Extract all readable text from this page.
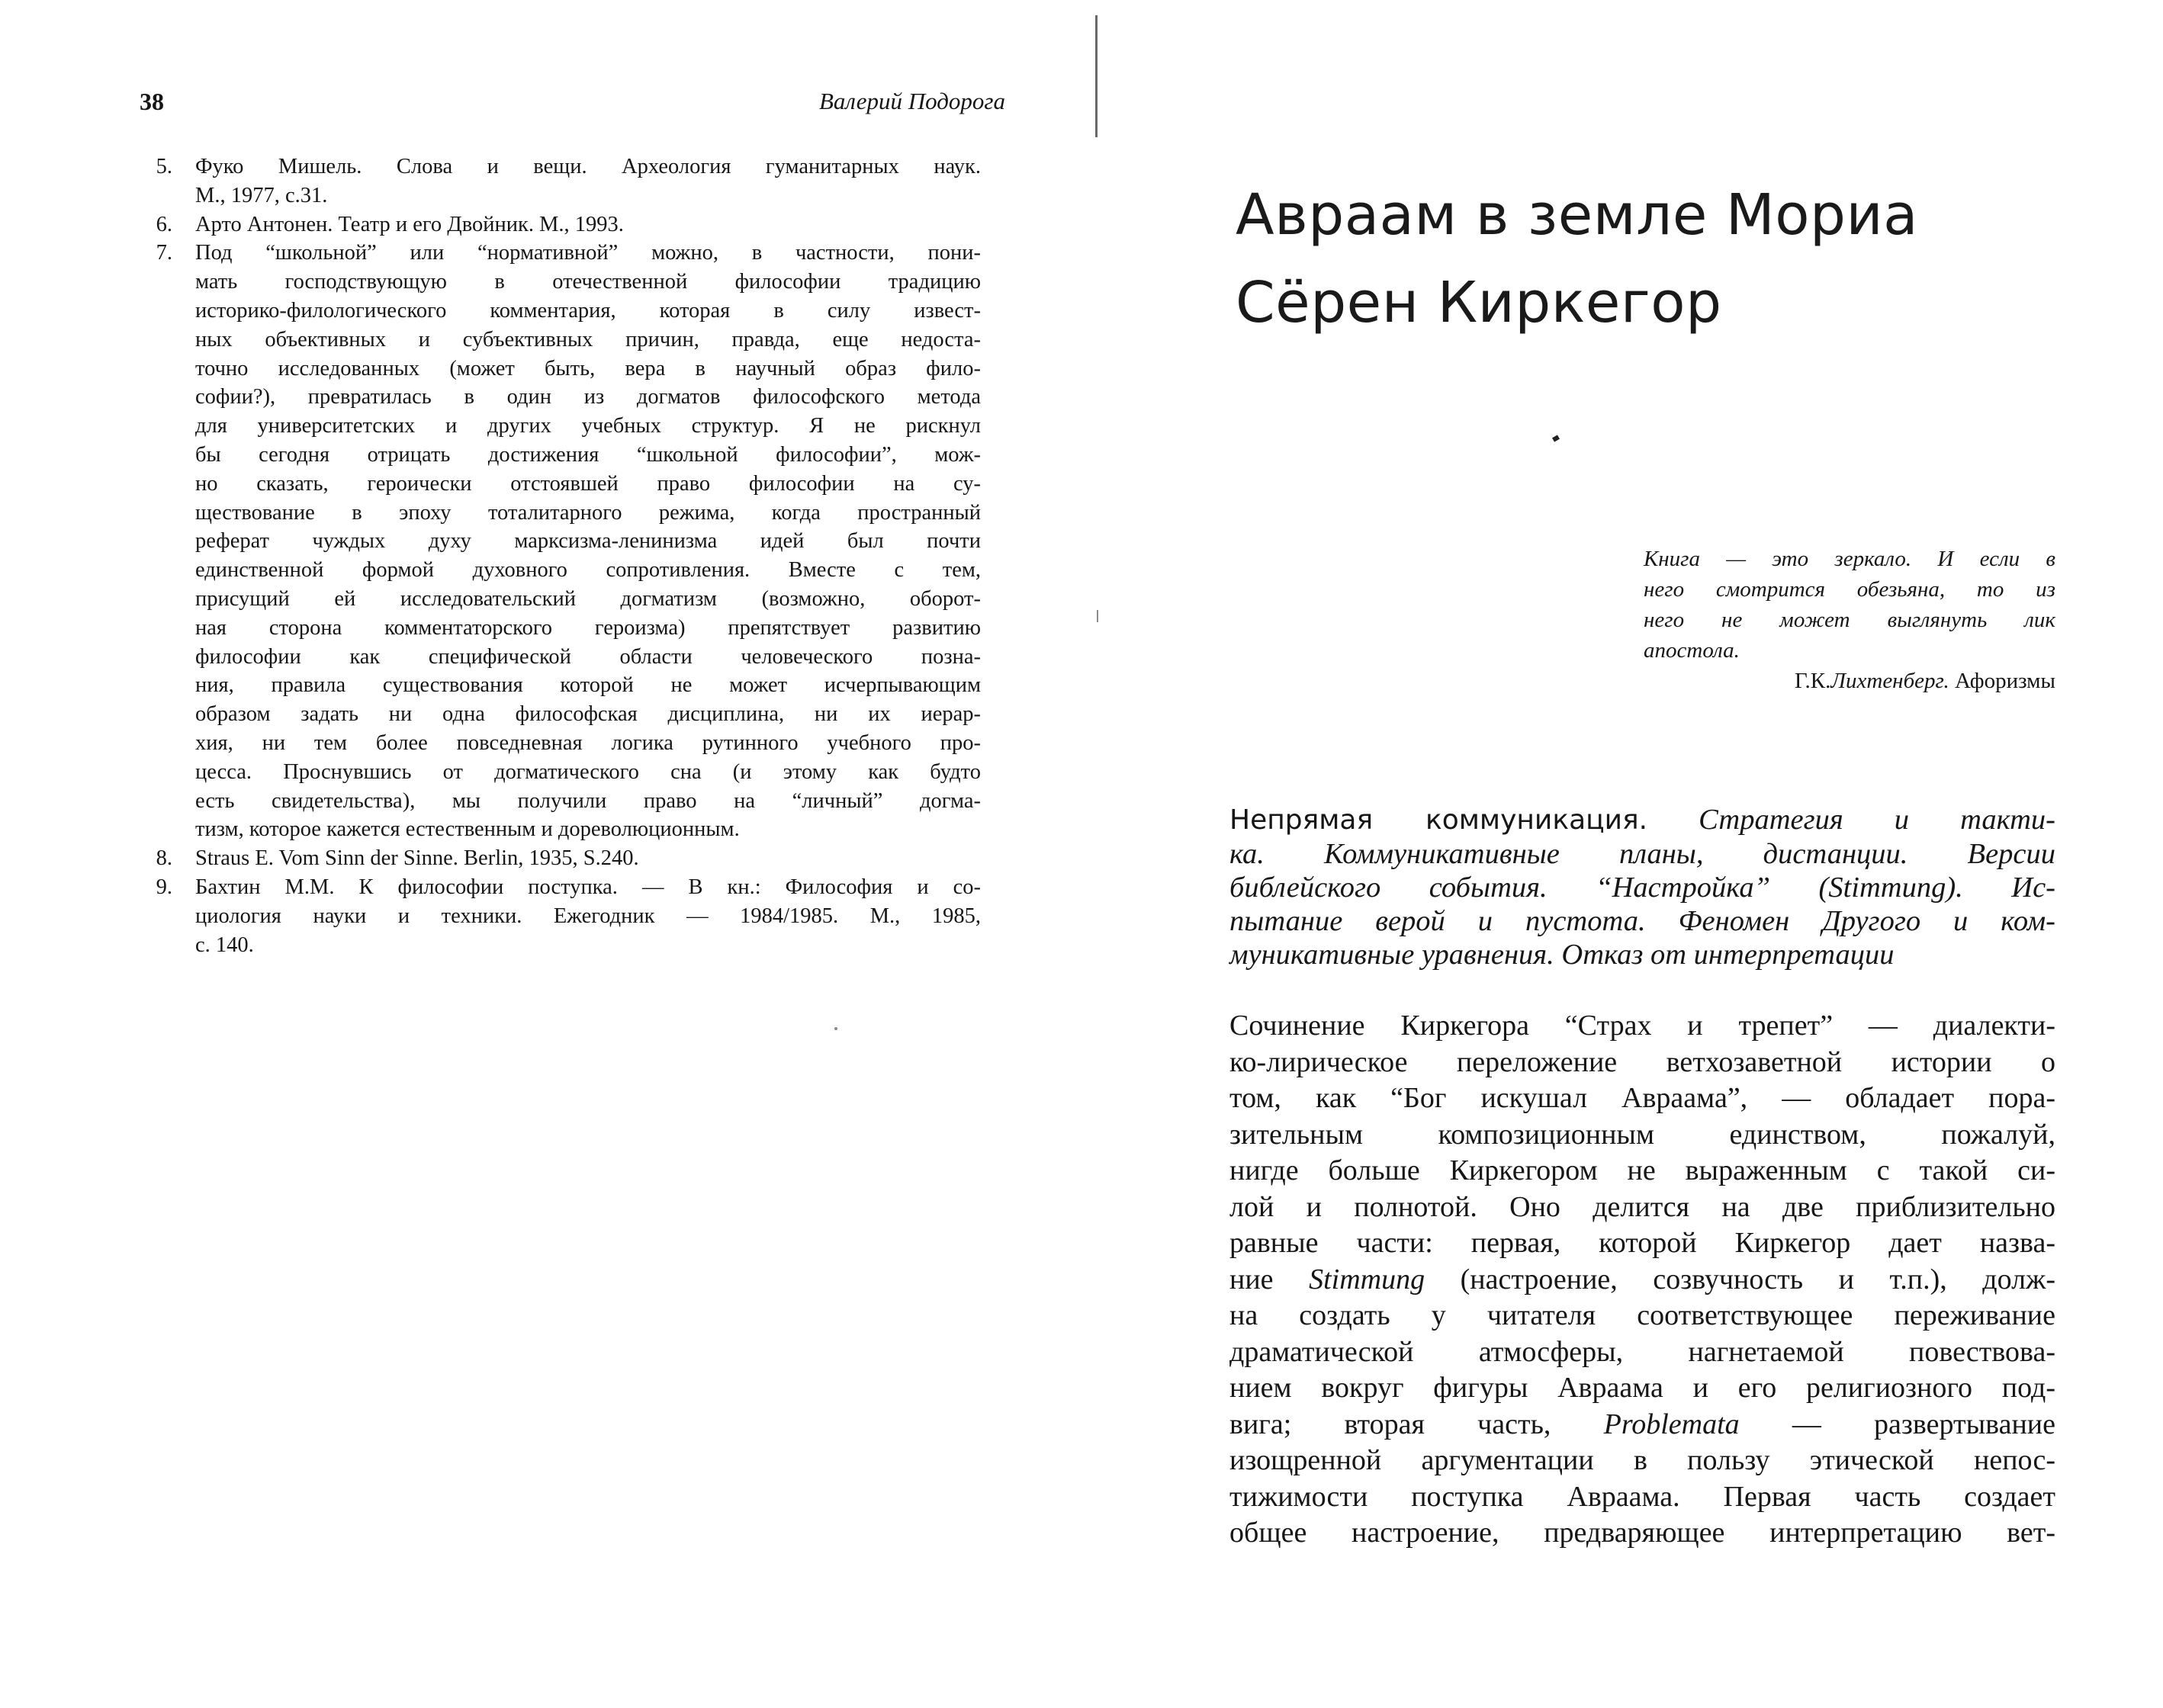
38	Валерий Подорога
5. Фуко Мишель. Слова и вещи. Археология гуманитарных наук.
М., 1977, с.31.
6. Арто Антонен. Театр и его Двойник. М., 1993.
7. Под “школьной” или “нормативной” можно, в частности, пони-
мать господствующую в отечественной философии традицию
историко-филологического комментария, которая в силу извест-
ных объективных и субъективных причин, правда, еще недоста-
точно исследованных (может быть, вера в научный образ фило-
софии?), превратилась в один из догматов философского метода
для университетских и других учебных структур. Я не рискнул
бы сегодня отрицать достижения “школьной философии”, мож-
но сказать, героически отстоявшей право философии на су-
ществование в эпоху тоталитарного режима, когда пространный
реферат чуждых духу марксизма-ленинизма идей был почти
единственной формой духовного сопротивления. Вместе с тем,
присущий ей исследовательский догматизм (возможно, оборот-
ная сторона комментаторского героизма) препятствует развитию
философии как специфической области человеческого позна-
ния, правила существования которой не может исчерпывающим
образом задать ни одна философская дисциплина, ни их иерар-
хия, ни тем более повседневная логика рутинного учебного про-
цесса. Проснувшись от догматического сна (и этому как будто
есть свидетельства), мы получили право на “личный” догма-
тизм, которое кажется естественным и дореволюционным.
8. Straus E. Vom Sinn der Sinne. Berlin, 1935, S.240.
9. Бахтин М.М. К философии поступка. — В кн.: Философия и со-
циология науки и техники. Ежегодник — 1984/1985. М., 1985,
с. 140.
Авраам в земле Мориа
Сёрен Киркегор
Книга — это зеркало. И если в
него смотрится обезьяна, то из
него не может выглянуть лик
апостола.
Г.К.Лихтенберг. Афоризмы
Непрямая коммуникация. Стратегия и такти-
ка. Коммуникативные планы, дистанции. Версии
библейского события. “Настройка” (Stimmung). Ис-
пытание верой и пустота. Феномен Другого и ком-
муникативные уравнения. Отказ от интерпретации
Сочинение Киркегора “Страх и трепет” — диалекти-
ко-лирическое переложение ветхозаветной истории о
том, как “Бог искушал Авраама”, — обладает пора-
зительным композиционным единством, пожалуй,
нигде больше Киркегором не выраженным с такой си-
лой и полнотой. Оно делится на две приблизительно
равные части: первая, которой Киркегор дает назва-
ние Stimmung (настроение, созвучность и т.п.), долж-
на создать у читателя соответствующее переживание
драматической атмосферы, нагнетаемой повествова-
нием вокруг фигуры Авраама и его религиозного под-
вига; вторая часть, Problemata — развертывание
изощренной аргументации в пользу этической непос-
тижимости поступка Авраама. Первая часть создает
общее настроение, предваряющее интерпретацию вет-
